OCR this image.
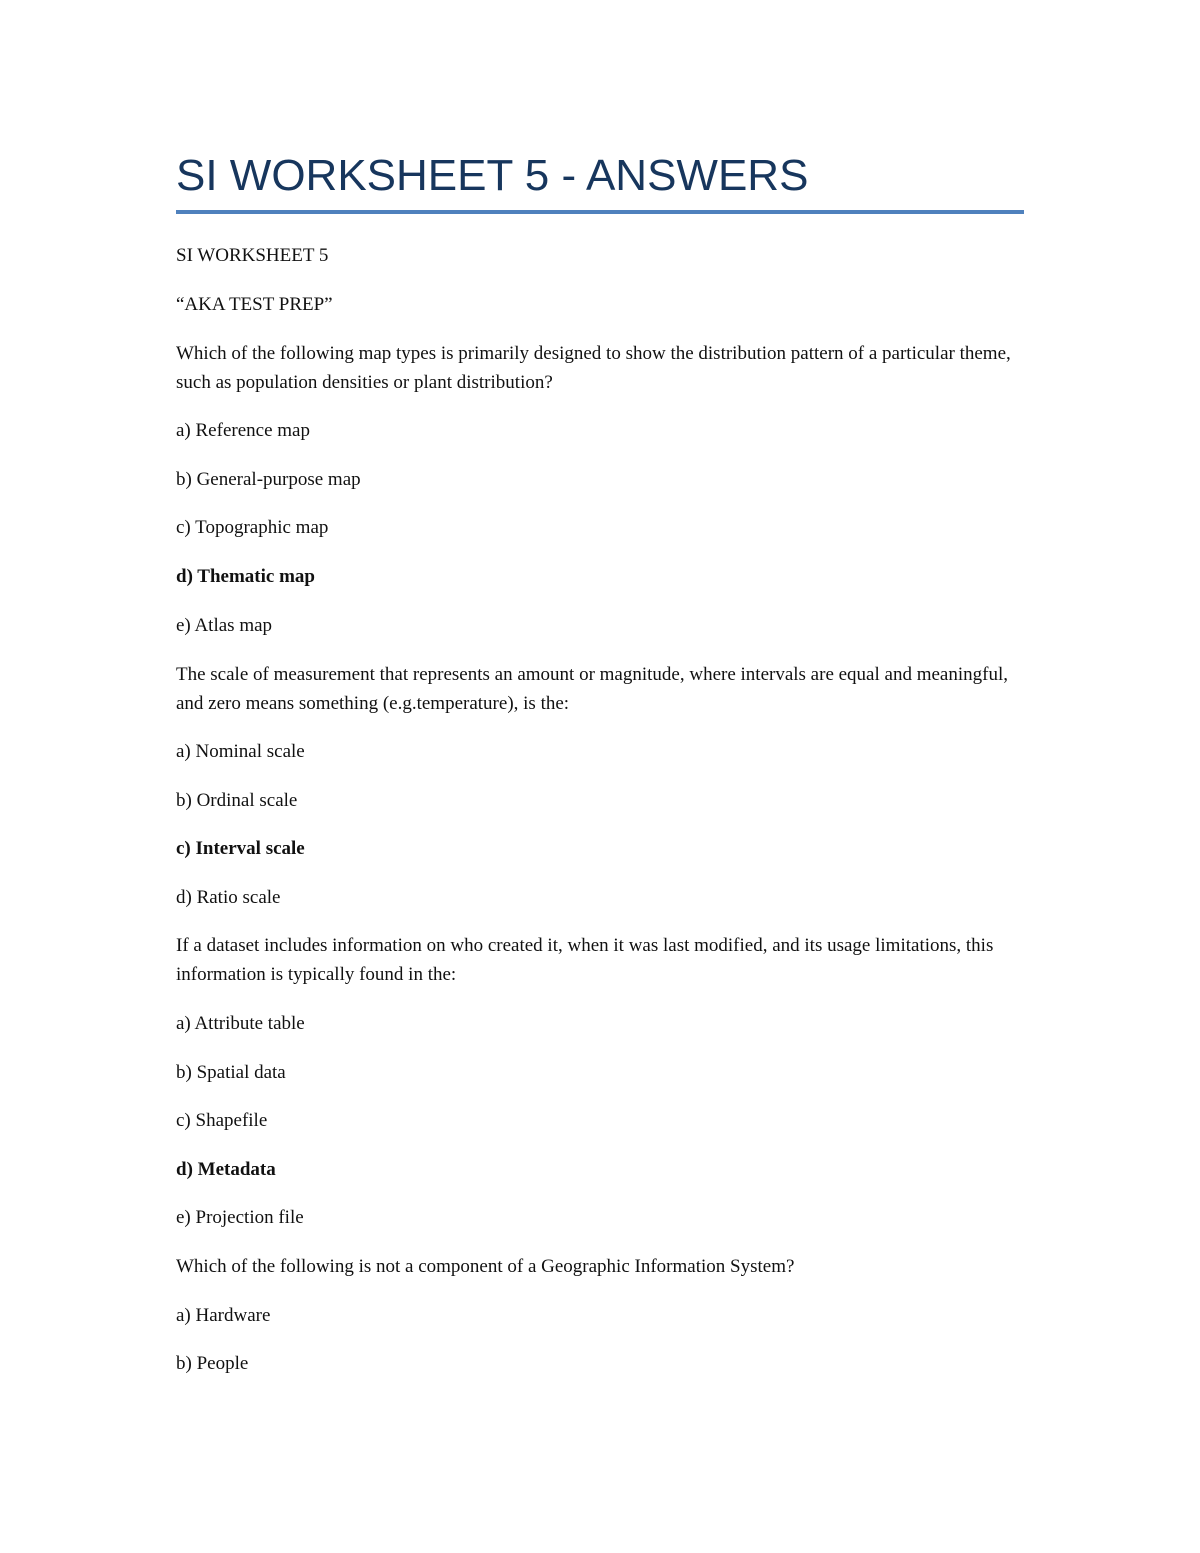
SI WORKSHEET 5 - ANSWERS

SI WORKSHEET 5

“AKA TEST PREP”

Which of the following map types is primarily designed to show the distribution pattern of a particular theme, such as population densities or plant distribution?

a) Reference map

b) General-purpose map

c) Topographic map

d) Thematic map

e) Atlas map

The scale of measurement that represents an amount or magnitude, where intervals are equal and meaningful, and zero means something (e.g.temperature), is the:

a) Nominal scale

b) Ordinal scale

c) Interval scale

d) Ratio scale

If a dataset includes information on who created it, when it was last modified, and its usage limitations, this information is typically found in the:

a) Attribute table

b) Spatial data

c) Shapefile

d) Metadata

e) Projection file

Which of the following is not a component of a Geographic Information System?

a) Hardware

b) People
